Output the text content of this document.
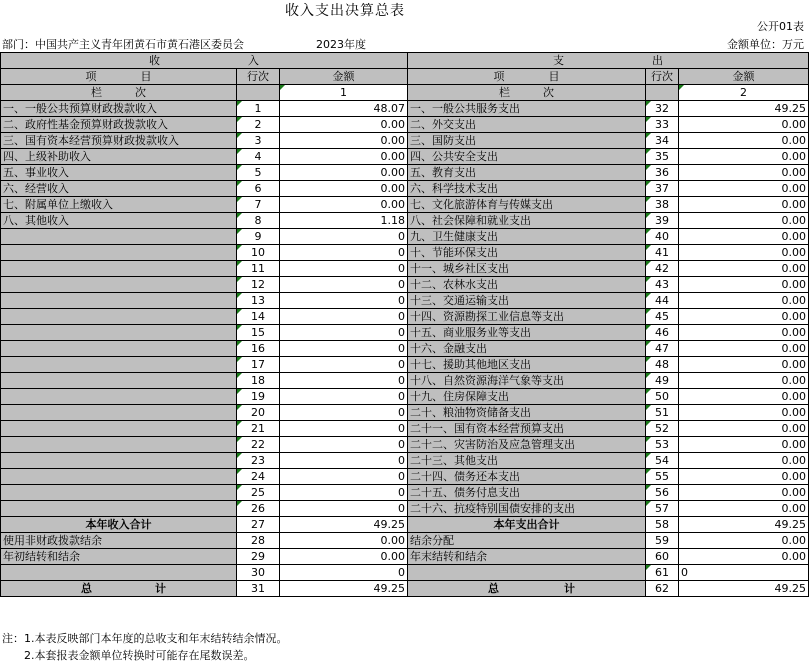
收入支出决算总表
公开01表
部门：中国共产主义青年团黄石市黄石港区委员会	2023年度	金额单位：万元
收　　　　　　　　入			支　　　　　　　　出		
项　　　　目	行次	金额	项　　　　目	行次	金额
栏　　　次		1	栏　　　次		2
一、一般公共预算财政拨款收入	1	48.07	一、一般公共服务支出	32	49.25
二、政府性基金预算财政拨款收入	2	0.00	二、外交支出	33	0.00
三、国有资本经营预算财政拨款收入	3	0.00	三、国防支出	34	0.00
四、上级补助收入	4	0.00	四、公共安全支出	35	0.00
五、事业收入	5	0.00	五、教育支出	36	0.00
六、经营收入	6	0.00	六、科学技术支出	37	0.00
七、附属单位上缴收入	7	0.00	七、文化旅游体育与传媒支出	38	0.00
八、其他收入	8	1.18	八、社会保障和就业支出	39	0.00
	9	0	九、卫生健康支出	40	0.00
	10	0	十、节能环保支出	41	0.00
	11	0	十一、城乡社区支出	42	0.00
	12	0	十二、农林水支出	43	0.00
	13	0	十三、交通运输支出	44	0.00
	14	0	十四、资源勘探工业信息等支出	45	0.00
	15	0	十五、商业服务业等支出	46	0.00
	16	0	十六、金融支出	47	0.00
	17	0	十七、援助其他地区支出	48	0.00
	18	0	十八、自然资源海洋气象等支出	49	0.00
	19	0	十九、住房保障支出	50	0.00
	20	0	二十、粮油物资储备支出	51	0.00
	21	0	二十一、国有资本经营预算支出	52	0.00
	22	0	二十二、灾害防治及应急管理支出	53	0.00
	23	0	二十三、其他支出	54	0.00
	24	0	二十四、债务还本支出	55	0.00
	25	0	二十五、债务付息支出	56	0.00
	26	0	二十六、抗疫特别国债安排的支出	57	0.00
本年收入合计	27	49.25	本年支出合计	58	49.25
使用非财政拨款结余	28	0.00	结余分配	59	0.00
年初结转和结余	29	0.00	年末结转和结余	60	0.00
	30	0		61	0

总 计	31	49.25	总 计	62	49.25
注：1.本表反映部门本年度的总收支和年末结转结余情况。
　　2.本套报表金额单位转换时可能存在尾数误差。
